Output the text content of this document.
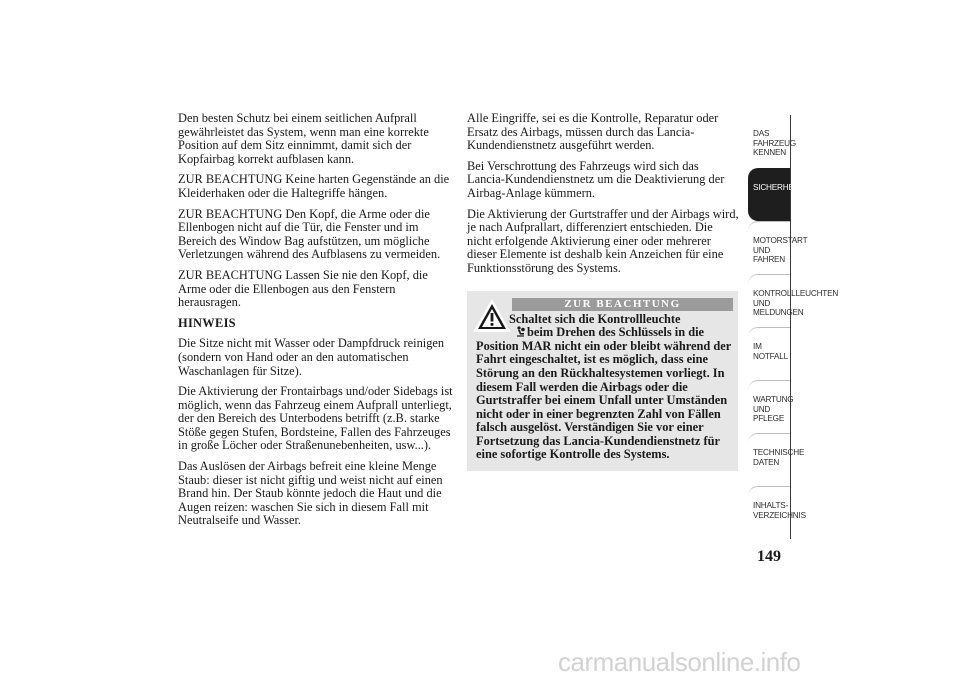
Den besten Schutz bei einem seitlichen Aufprall gewährleistet das System, wenn man eine korrekte Position auf dem Sitz einnimmt, damit sich der Kopfairbag korrekt aufblasen kann.

ZUR BEACHTUNG Keine harten Gegenstände an die Kleiderhaken oder die Haltegriffe hängen.

ZUR BEACHTUNG Den Kopf, die Arme oder die Ellenbogen nicht auf die Tür, die Fenster und im Bereich des Window Bag aufstützen, um mögliche Verletzungen während des Aufblasens zu vermeiden.

ZUR BEACHTUNG Lassen Sie nie den Kopf, die Arme oder die Ellenbogen aus den Fenstern herausragen.

HINWEIS

Die Sitze nicht mit Wasser oder Dampfdruck reinigen (sondern von Hand oder an den automatischen Waschanlagen für Sitze).

Die Aktivierung der Frontairbags und/oder Sidebags ist möglich, wenn das Fahrzeug einem Aufprall unterliegt, der den Bereich des Unterbodens betrifft (z.B. starke Stöße gegen Stufen, Bordsteine, Fallen des Fahrzeuges in große Löcher oder Straßenunebenheiten, usw...).

Das Auslösen der Airbags befreit eine kleine Menge Staub: dieser ist nicht giftig und weist nicht auf einen Brand hin. Der Staub könnte jedoch die Haut und die Augen reizen: waschen Sie sich in diesem Fall mit Neutralseife und Wasser.

Alle Eingriffe, sei es die Kontrolle, Reparatur oder Ersatz des Airbags, müssen durch das Lancia-Kundendienstnetz ausgeführt werden.

Bei Verschrottung des Fahrzeugs wird sich das Lancia-Kundendienstnetz um die Deaktivierung der Airbag-Anlage kümmern.

Die Aktivierung der Gurtstraffer und der Airbags wird, je nach Aufprallart, differenziert entschieden. Die nicht erfolgende Aktivierung einer oder mehrerer dieser Elemente ist deshalb kein Anzeichen für eine Funktionsstörung des Systems.

ZUR BEACHTUNG
Schaltet sich die Kontrollleuchte
beim Drehen des Schlüssels in die
Position MAR nicht ein oder bleibt während der Fahrt eingeschaltet, ist es möglich, dass eine Störung an den Rückhaltesystemen vorliegt. In diesem Fall werden die Airbags oder die Gurtstraffer bei einem Unfall unter Umständen nicht oder in einer begrenzten Zahl von Fällen falsch ausgelöst. Verständigen Sie vor einer Fortsetzung das Lancia-Kundendienstnetz für eine sofortige Kontrolle des Systems.
DAS FAHRZEUG KENNEN
SICHERHEIT
MOTORSTART UND FAHREN
KONTROLLLEUCHTEN UND MELDUNGEN
IM NOTFALL
WARTUNG UND PFLEGE
TECHNISCHE DATEN
INHALTS- VERZEICHNIS
149
carmanualsonline.info
